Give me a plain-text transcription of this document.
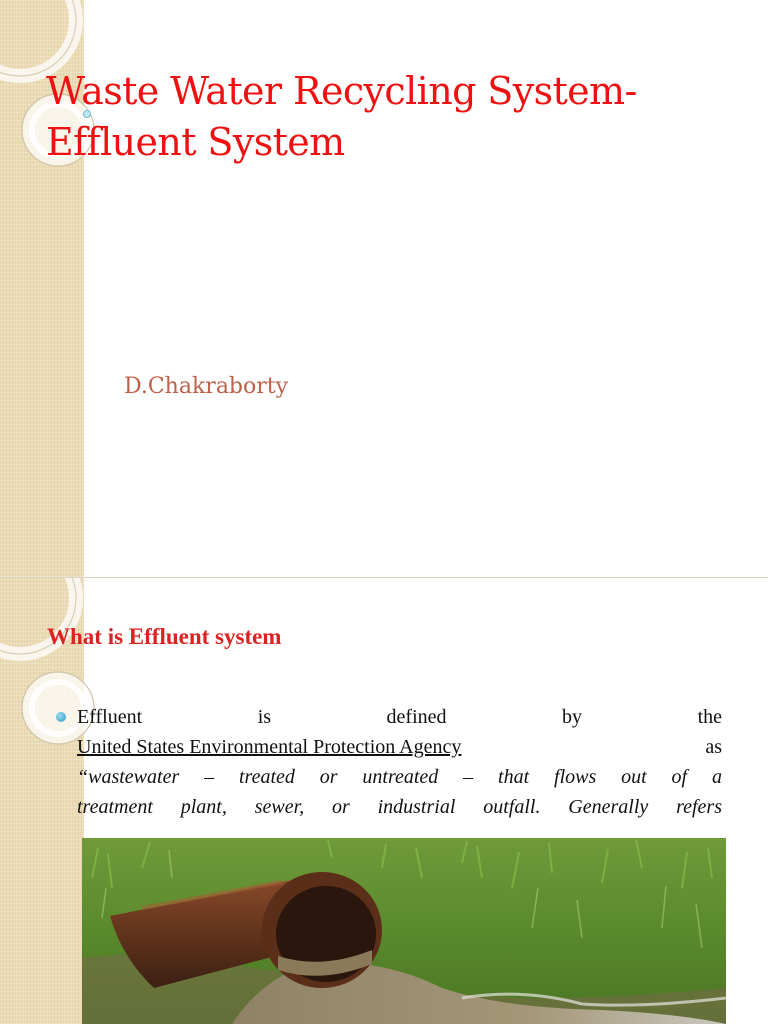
Waste Water Recycling System-
Effluent System

D.Chakraborty

What is Effluent system
Effluent	is	defined	by	the
United States Environmental Protection Agency	as
“wastewater – treated or untreated – that flows out of a
treatment plant, sewer, or industrial outfall. Generally refers
